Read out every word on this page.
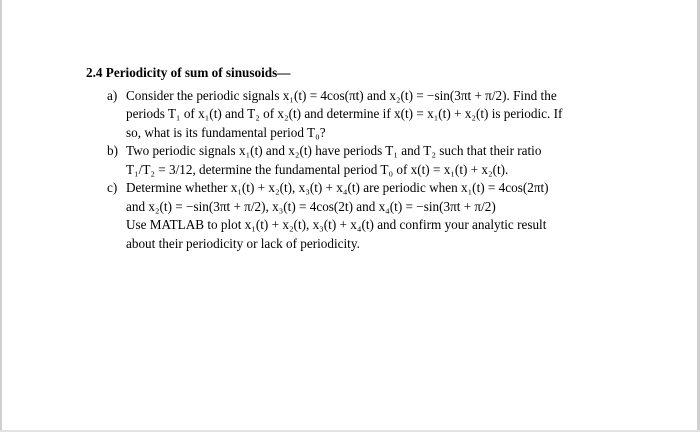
2.4 Periodicity of sum of sinusoids—
a) Consider the periodic signals x₁(t) = 4cos(πt) and x₂(t) = −sin(3πt + π/2). Find the
periods T₁ of x₁(t) and T₂ of x₂(t) and determine if x(t) = x₁(t) + x₂(t) is periodic. If
so, what is its fundamental period T₀?
b) Two periodic signals x₁(t) and x₂(t) have periods T₁ and T₂ such that their ratio
T₁/T₂ = 3/12, determine the fundamental period T₀ of x(t) = x₁(t) + x₂(t).
c) Determine whether x₁(t) + x₂(t), x₃(t) + x₄(t) are periodic when x₁(t) = 4cos(2πt)
and x₂(t) = −sin(3πt + π/2), x₃(t) = 4cos(2t) and x₄(t) = −sin(3πt + π/2)
Use MATLAB to plot x₁(t) + x₂(t), x₃(t) + x₄(t) and confirm your analytic result
about their periodicity or lack of periodicity.
